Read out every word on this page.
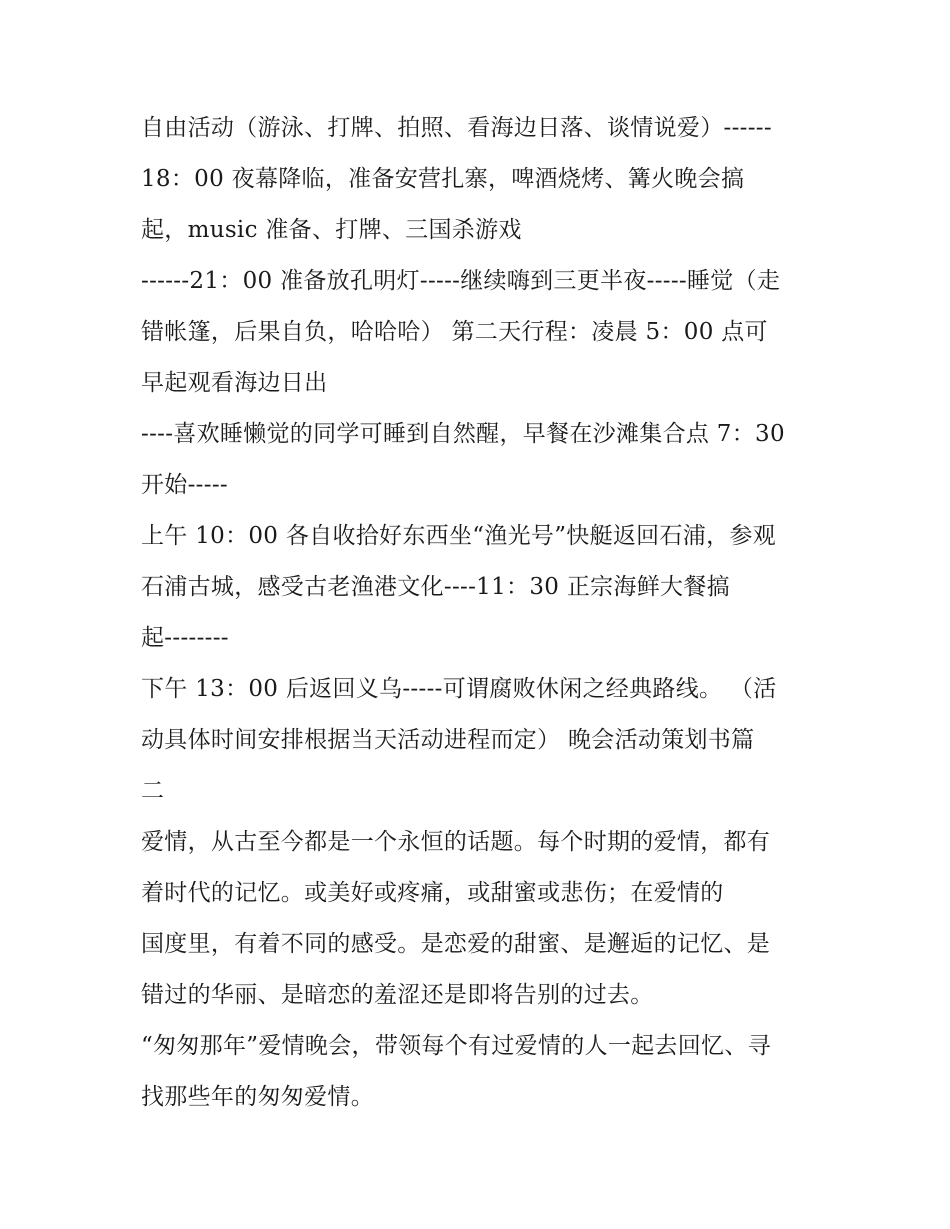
自由活动（游泳、打牌、拍照、看海边日落、谈情说爱）------
18：00 夜幕降临，准备安营扎寨，啤酒烧烤、篝火晚会搞
起，music 准备、打牌、三国杀游戏
------21：00 准备放孔明灯-----继续嗨到三更半夜-----睡觉（走
错帐篷，后果自负，哈哈哈） 第二天行程：凌晨 5：00 点可
早起观看海边日出
----喜欢睡懒觉的同学可睡到自然醒，早餐在沙滩集合点 7：30
开始-----
上午 10：00 各自收拾好东西坐“渔光号”快艇返回石浦，参观
石浦古城，感受古老渔港文化----11：30 正宗海鲜大餐搞
起--------
下午 13：00 后返回义乌-----可谓腐败休闲之经典路线。 （活
动具体时间安排根据当天活动进程而定） 晚会活动策划书篇
二
爱情，从古至今都是一个永恒的话题。每个时期的爱情，都有
着时代的记忆。或美好或疼痛，或甜蜜或悲伤；在爱情的
国度里，有着不同的感受。是恋爱的甜蜜、是邂逅的记忆、是
错过的华丽、是暗恋的羞涩还是即将告别的过去。
“匆匆那年”爱情晚会，带领每个有过爱情的人一起去回忆、寻
找那些年的匆匆爱情。
